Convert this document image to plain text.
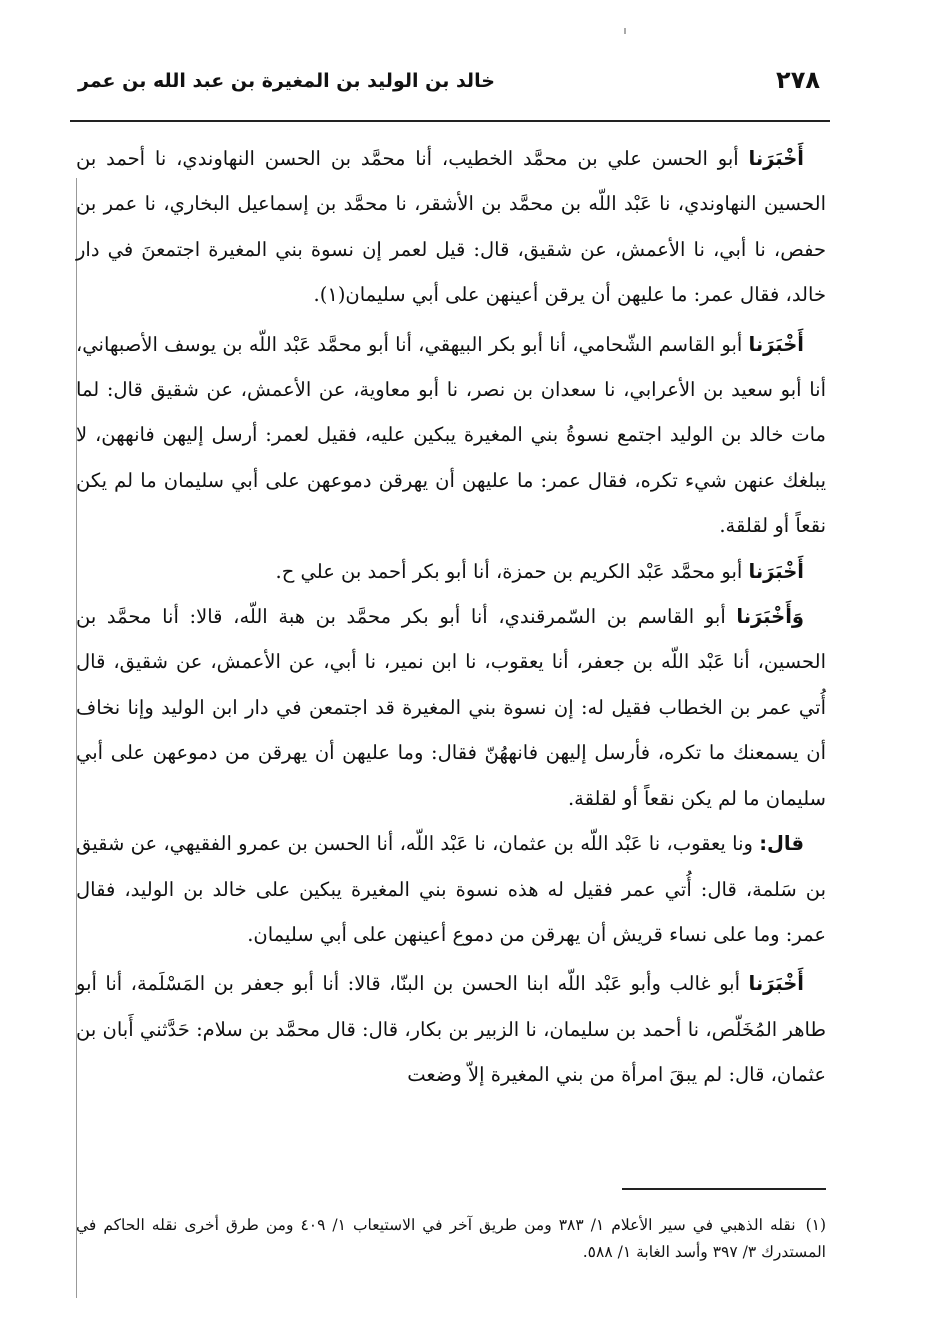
٢٧٨
خالد بن الوليد بن المغيرة بن عبد الله بن عمر

أَخْبَرَنا أبو الحسن علي بن محمَّد الخطيب، أنا محمَّد بن الحسن النهاوندي، نا أحمد بن الحسين النهاوندي، نا عَبْد اللّه بن محمَّد بن الأشقر، نا محمَّد بن إسماعيل البخاري، نا عمر بن حفص، نا أبي، نا الأعمش، عن شقيق، قال: قيل لعمر إن نسوة بني المغيرة اجتمعنَ في دار خالد، فقال عمر: ما عليهن أن يرقن أعينهن على أبي سليمان(١).

أَخْبَرَنا أبو القاسم الشّحامي، أنا أبو بكر البيهقي، أنا أبو محمَّد عَبْد اللّه بن يوسف الأصبهاني، أنا أبو سعيد بن الأعرابي، نا سعدان بن نصر، نا أبو معاوية، عن الأعمش، عن شقيق قال: لما مات خالد بن الوليد اجتمع نسوةُ بني المغيرة يبكين عليه، فقيل لعمر: أرسل إليهن فانههن، لا يبلغك عنهن شيء تكره، فقال عمر: ما عليهن أن يهرقن دموعهن على أبي سليمان ما لم يكن نقعاً أو لقلقة.

أَخْبَرَنا أبو محمَّد عَبْد الكريم بن حمزة، أنا أبو بكر أحمد بن علي ح.

وَأَخْبَرَنا أبو القاسم بن السّمرقندي، أنا أبو بكر محمَّد بن هبة اللّه، قالا: أنا محمَّد بن الحسين، أنا عَبْد اللّه بن جعفر، أنا يعقوب، نا ابن نمير، نا أبي، عن الأعمش، عن شقيق، قال أُتي عمر بن الخطاب فقيل له: إن نسوة بني المغيرة قد اجتمعن في دار ابن الوليد وإنا نخاف أن يسمعنك ما تكره، فأرسل إليهن فانههُنّ فقال: وما عليهن أن يهرقن من دموعهن على أبي سليمان ما لم يكن نقعاً أو لقلقة.

قال: ونا يعقوب، نا عَبْد اللّه بن عثمان، نا عَبْد اللّه، أنا الحسن بن عمرو الفقيهي، عن شقيق بن سَلمة، قال: أُتي عمر فقيل له هذه نسوة بني المغيرة يبكين على خالد بن الوليد، فقال عمر: وما على نساء قريش أن يهرقن من دموع أعينهن على أبي سليمان.

أَخْبَرَنا أبو غالب وأبو عَبْد اللّه ابنا الحسن بن البنّا، قالا: أنا أبو جعفر بن المَسْلَمة، أنا أبو طاهر المُخَلّص، نا أحمد بن سليمان، نا الزبير بن بكار، قال: قال محمَّد بن سلام: حَدَّثني أَبان بن عثمان، قال: لم يبقَ امرأة من بني المغيرة إلاّ وضعت

(١)نقله الذهبي في سير الأعلام ١/ ٣٨٣ ومن طريق آخر في الاستيعاب ١/ ٤٠٩ ومن طرق أخرى نقله الحاكم في المستدرك ٣/ ٣٩٧ وأسد الغابة ١/ ٥٨٨.
